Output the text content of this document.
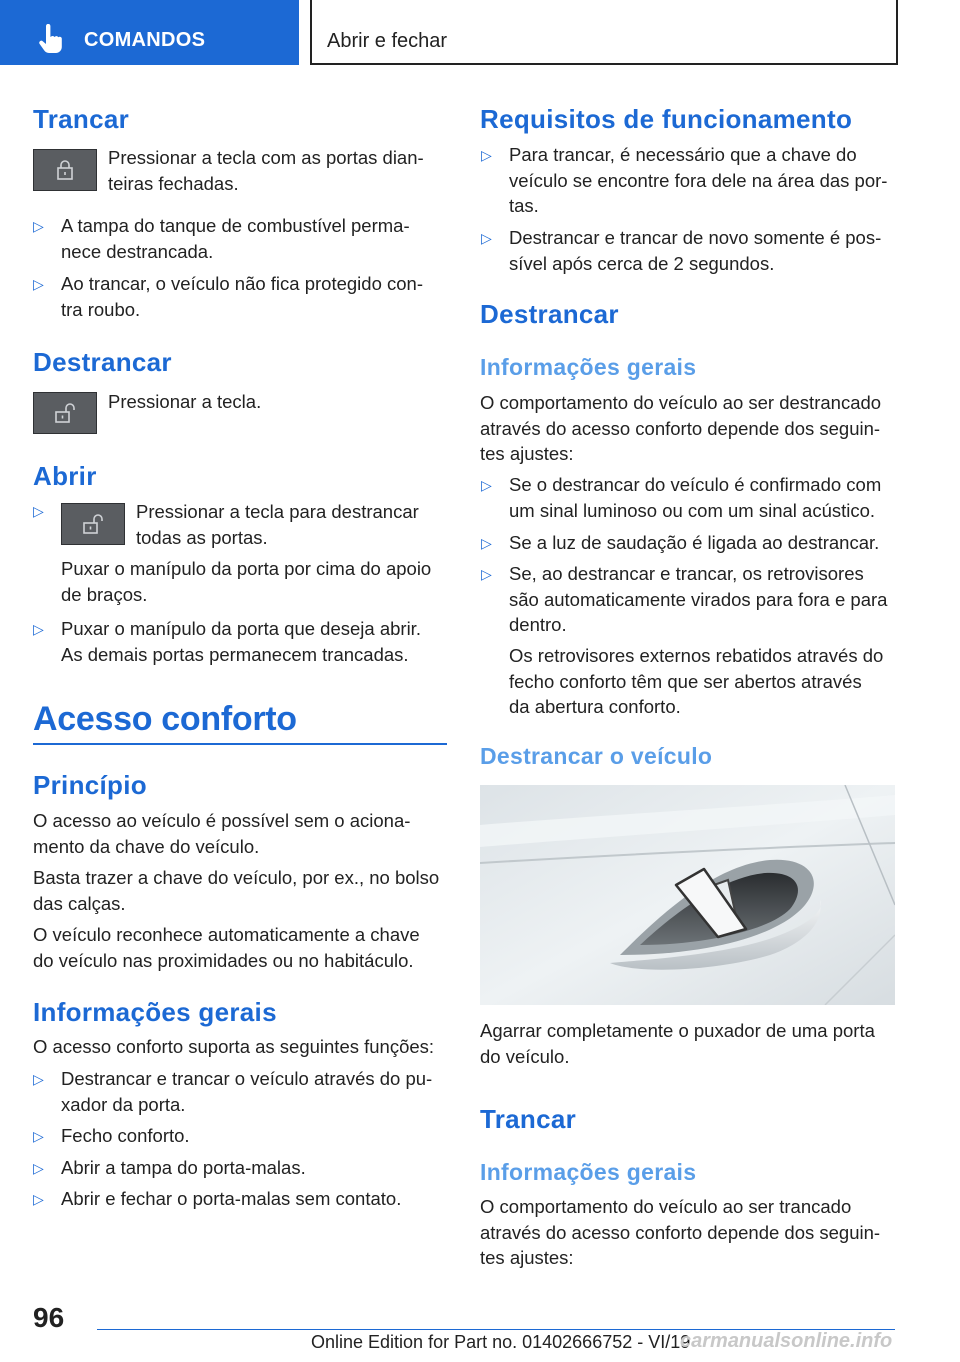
COMANDOS	Abrir e fechar
Trancar
Pressionar a tecla com as portas dian-
teiras fechadas.
▷ A tampa do tanque de combustível perma-
nece destrancada.
▷ Ao trancar, o veículo não fica protegido con-
tra roubo.
Destrancar
Pressionar a tecla.
Abrir
▷	Pressionar a tecla para destrancar
todas as portas.
Puxar o manípulo da porta por cima do apoio
de braços.
▷ Puxar o manípulo da porta que deseja abrir.
As demais portas permanecem trancadas.
Acesso conforto
Princípio
O acesso ao veículo é possível sem o aciona-
mento da chave do veículo.
Basta trazer a chave do veículo, por ex., no bolso
das calças.
O veículo reconhece automaticamente a chave
do veículo nas proximidades ou no habitáculo.
Informações gerais
O acesso conforto suporta as seguintes funções:
▷ Destrancar e trancar o veículo através do pu-
xador da porta.
▷ Fecho conforto.
▷ Abrir a tampa do porta-malas.
▷ Abrir e fechar o porta-malas sem contato.
Requisitos de funcionamento
▷ Para trancar, é necessário que a chave do
veículo se encontre fora dele na área das por-
tas.
▷ Destrancar e trancar de novo somente é pos-
sível após cerca de 2 segundos.
Destrancar
Informações gerais
O comportamento do veículo ao ser destrancado
através do acesso conforto depende dos seguin-
tes ajustes:
▷ Se o destrancar do veículo é confirmado com
um sinal luminoso ou com um sinal acústico.
▷ Se a luz de saudação é ligada ao destrancar.
▷ Se, ao destrancar e trancar, os retrovisores
são automaticamente virados para fora e para
dentro.
Os retrovisores externos rebatidos através do
fecho conforto têm que ser abertos através
da abertura conforto.
Destrancar o veículo
Agarrar completamente o puxador de uma porta
do veículo.
Trancar
Informações gerais
O comportamento do veículo ao ser trancado
através do acesso conforto depende dos seguin-
tes ajustes:
96
Online Edition for Part no. 01402666752 - VI/19
carmanualsonline.info
